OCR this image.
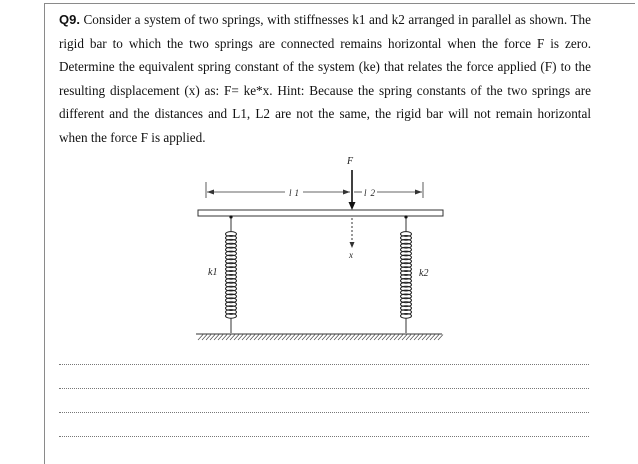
Q9. Consider a system of two springs, with stiffnesses k1 and k2 arranged in parallel as shown. The rigid bar to which the two springs are connected remains horizontal when the force F is zero. Determine the equivalent spring constant of the system (ke) that relates the force applied (F) to the resulting displacement (x) as: F= ke*x. Hint: Because the spring constants of the two springs are different and the distances and L1, L2 are not the same, the rigid bar will not remain horizontal when the force F is applied.
F
l1	l2
x
k1	k2
